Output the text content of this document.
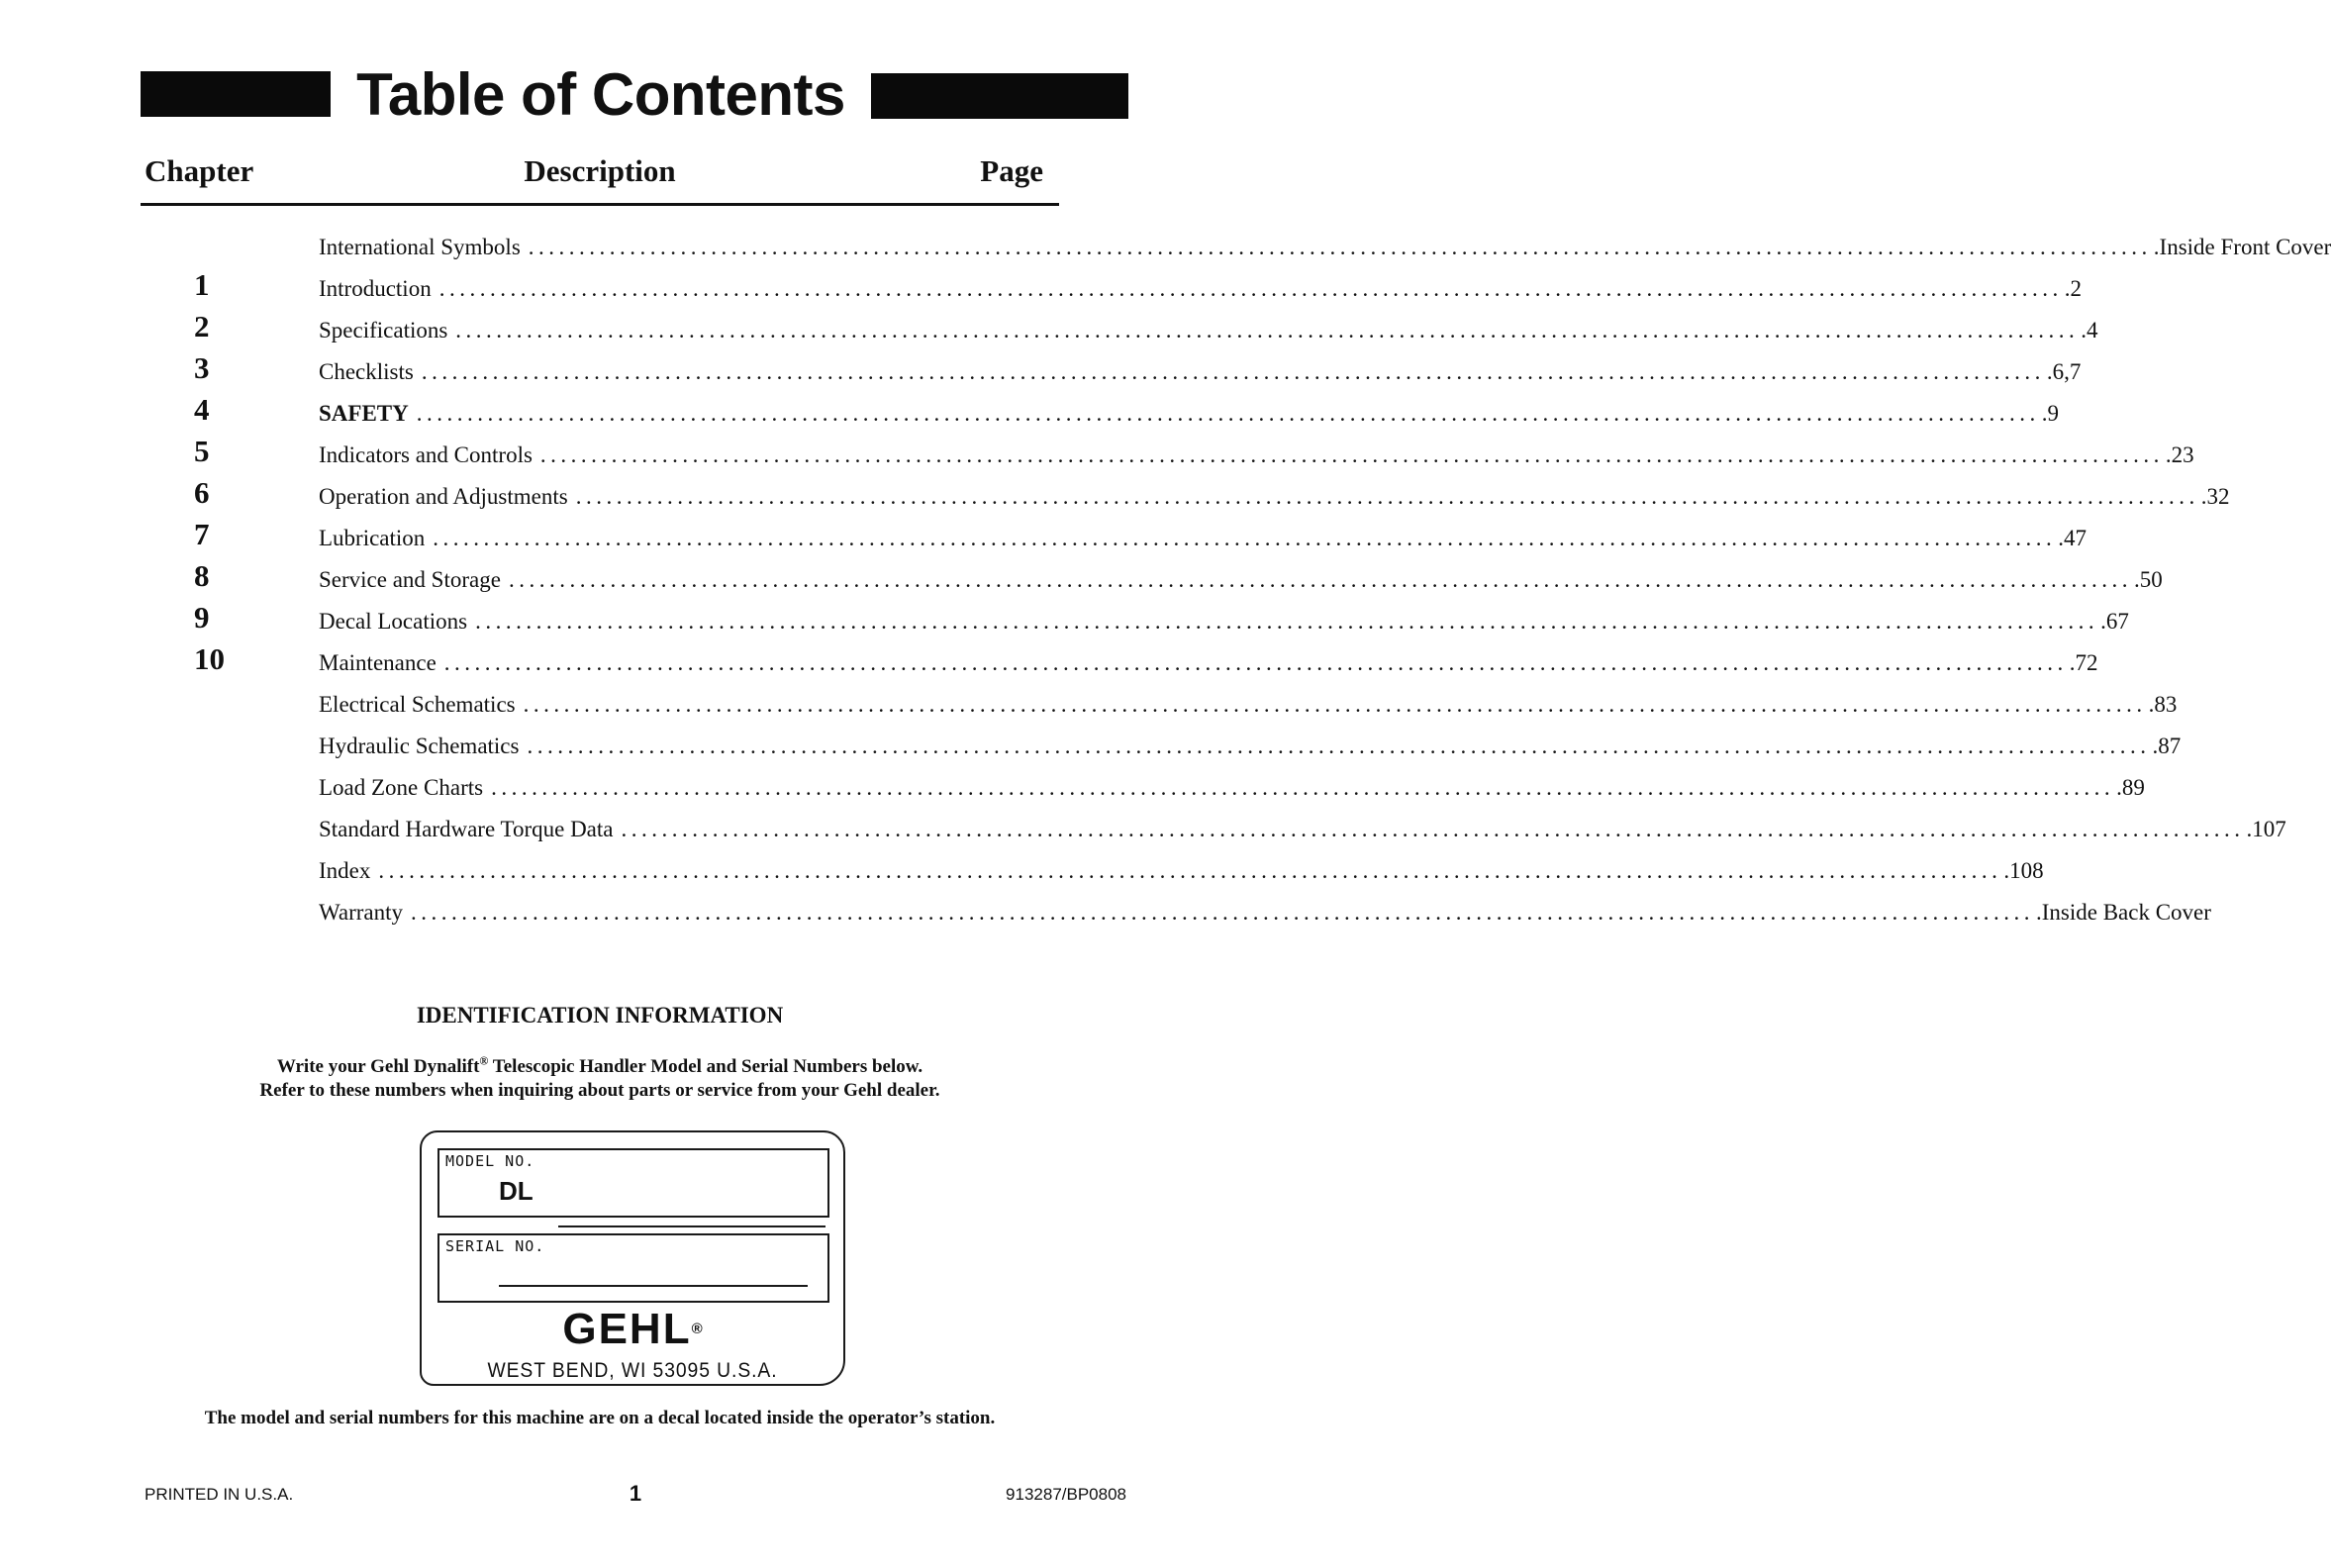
Table of Contents
Chapter	Description	Page
International Symbols ................................................................................................................................................................ .Inside Front Cover
1	Introduction ................................................................................................................................................................ .2
2	Specifications ................................................................................................................................................................ .4
3	Checklists ................................................................................................................................................................ .6,7
4	SAFETY ................................................................................................................................................................ .9
5	Indicators and Controls ................................................................................................................................................................ .23
6	Operation and Adjustments ................................................................................................................................................................ .32
7	Lubrication ................................................................................................................................................................ .47
8	Service and Storage ................................................................................................................................................................ .50
9	Decal Locations ................................................................................................................................................................ .67
10	Maintenance ................................................................................................................................................................ .72
Electrical Schematics ................................................................................................................................................................ .83
Hydraulic Schematics ................................................................................................................................................................ .87
Load Zone Charts ................................................................................................................................................................ .89
Standard Hardware Torque Data ................................................................................................................................................................ .107
Index ................................................................................................................................................................ .108
Warranty ................................................................................................................................................................ .Inside Back Cover
IDENTIFICATION INFORMATION
Write your Gehl Dynalift® Telescopic Handler Model and Serial Numbers below.
Refer to these numbers when inquiring about parts or service from your Gehl dealer.
MODEL NO.
DL
SERIAL NO.
GEHL®
WEST BEND, WI 53095 U.S.A.
The model and serial numbers for this machine are on a decal located inside the operator’s station.
PRINTED IN U.S.A.	1	913287/BP0808
